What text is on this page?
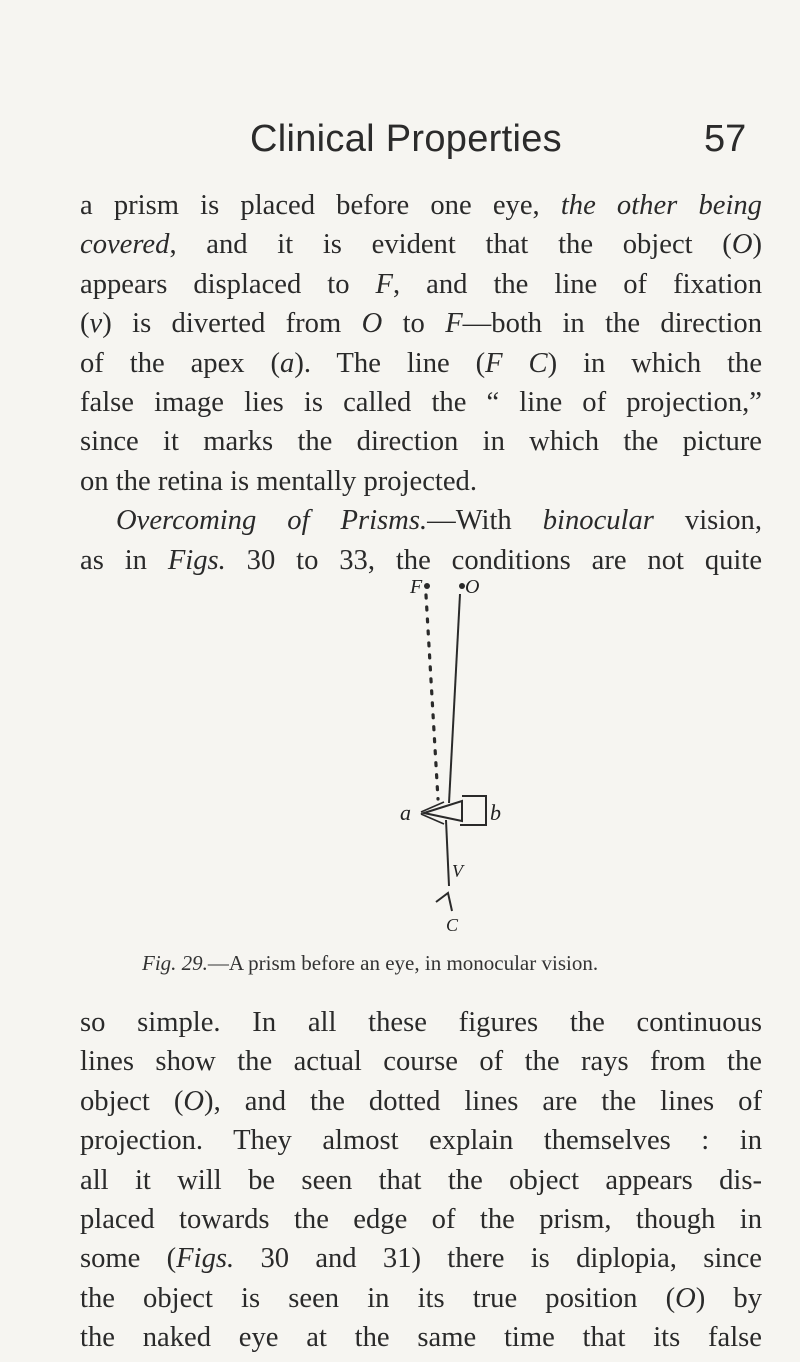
Clinical Properties	57
a prism is placed before one eye, the other being
covered, and it is evident that the object (O)
appears displaced to F, and the line of fixation
(v) is diverted from O to F—both in the direction
of the apex (a). The line (F C) in which the
false image lies is called the “ line of projection,”
since it marks the direction in which the picture
on the retina is mentally projected.
Overcoming of Prisms.—With binocular vision,
as in Figs. 30 to 33, the conditions are not quite
F O
a	b
V
C
Fig. 29.—A prism before an eye, in monocular vision.
so simple. In all these figures the continuous
lines show the actual course of the rays from the
object (O), and the dotted lines are the lines of
projection. They almost explain themselves : in
all it will be seen that the object appears dis-
placed towards the edge of the prism, though in
some (Figs. 30 and 31) there is diplopia, since
the object is seen in its true position (O) by
the naked eye at the same time that its false
